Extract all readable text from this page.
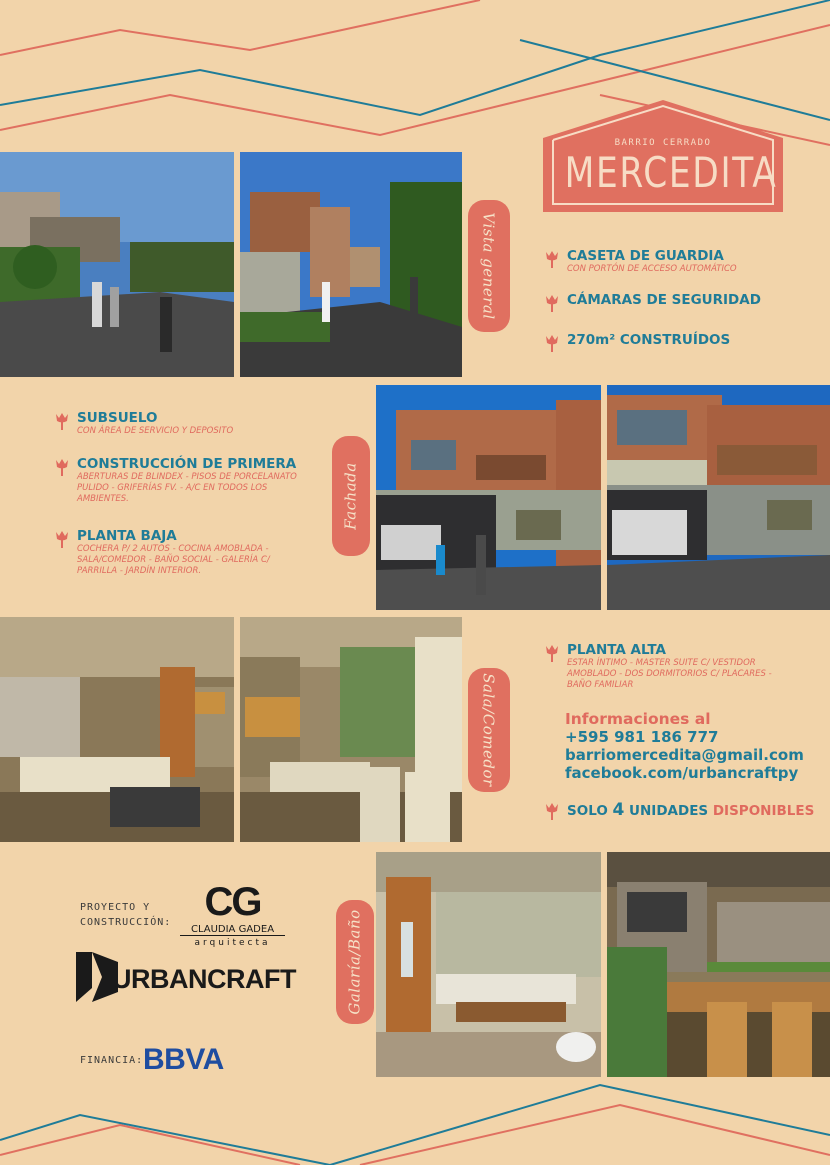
BARRIO CERRADO
MERCEDITA
Vista general	CASETA DE GUARDIA
CON PORTÓN DE ACCESO AUTOMÁTICO
CÁMARAS DE SEGURIDAD
270m² CONSTRUÍDOS
SUBSUELO
CON ÁREA DE SERVICIO Y DEPOSITO
CONSTRUCCIÓN DE PRIMERA
ABERTURAS DE BLINDEX - PISOS DE PORCELANATO PULIDO - GRIFERÍAS FV. - A/C EN TODOS LOS AMBIENTES.
PLANTA BAJA
COCHERA P/ 2 AUTOS - COCINA AMOBLADA - SALA/COMEDOR - BAÑO SOCIAL - GALERÍA C/ PARRILLA - JARDÍN INTERIOR.
Fachada
Sala/Comedor
PLANTA ALTA
ESTAR ÍNTIMO - MASTER SUITE C/ VESTIDOR AMOBLADO - DOS DORMITORIOS C/ PLACARES - BAÑO FAMILIAR
Informaciones al
+595 981 186 777
barriomercedita@gmail.com
facebook.com/urbancraftpy
SOLO 4 UNIDADES DISPONIBLES
PROYECTO Y
CONSTRUCCIÓN: CG
CLAUDIA GADEA
arquitecta
URBANCRAFT
FINANCIA: BBVA
Galaría/Baño
